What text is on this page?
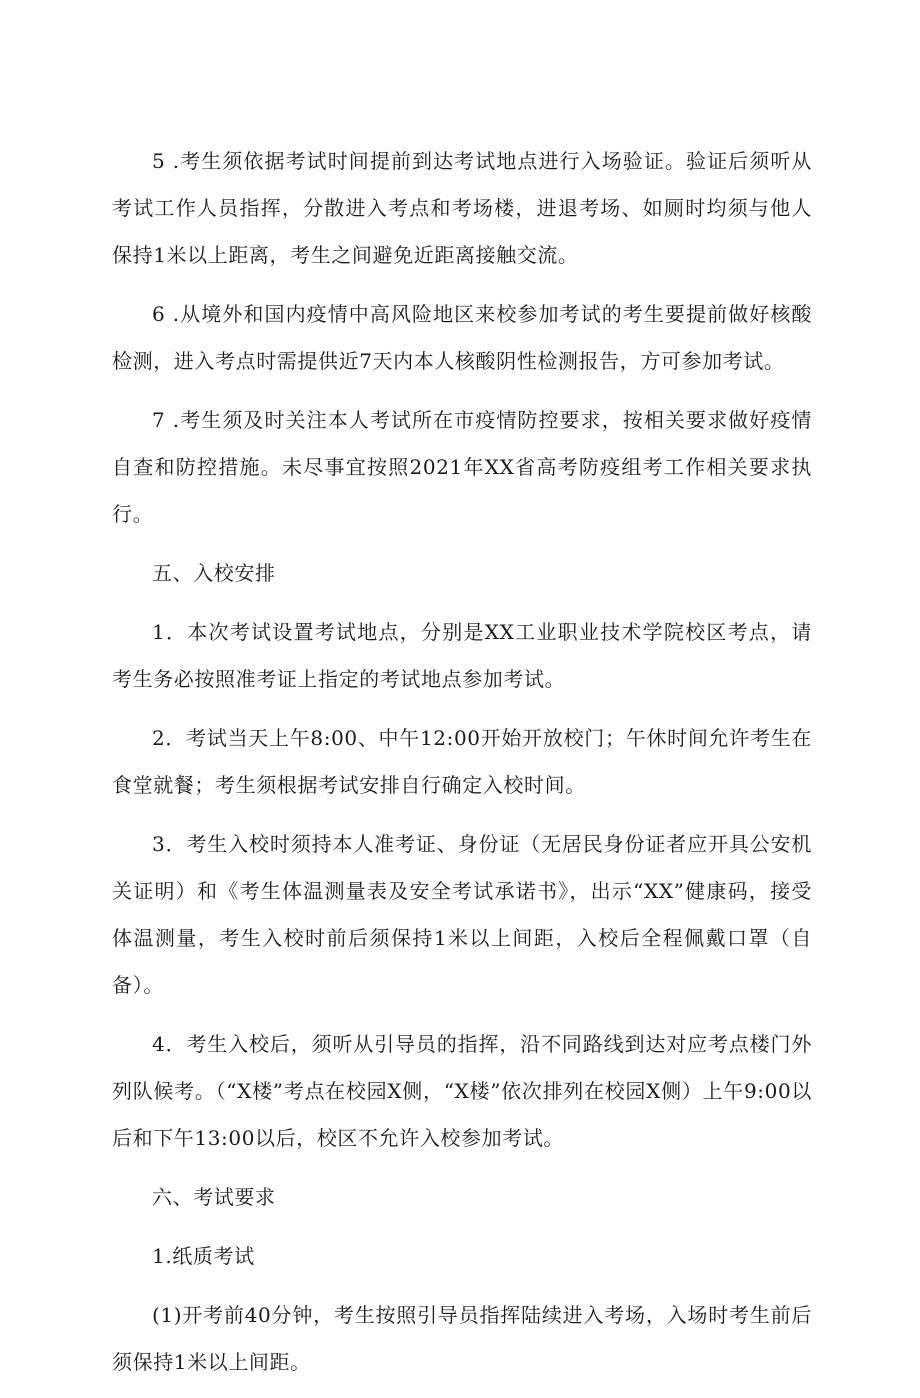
5 .考生须依据考试时间提前到达考试地点进行入场验证。验证后须听从考试工作人员指挥，分散进入考点和考场楼，进退考场、如厕时均须与他人保持1米以上距离，考生之间避免近距离接触交流。

6 .从境外和国内疫情中高风险地区来校参加考试的考生要提前做好核酸检测，进入考点时需提供近7天内本人核酸阴性检测报告，方可参加考试。

7 .考生须及时关注本人考试所在市疫情防控要求，按相关要求做好疫情自查和防控措施。未尽事宜按照2021年XX省高考防疫组考工作相关要求执行。

五、入校安排

1．本次考试设置考试地点，分别是XX工业职业技术学院校区考点，请考生务必按照准考证上指定的考试地点参加考试。

2．考试当天上午8:00、中午12:00开始开放校门；午休时间允许考生在食堂就餐；考生须根据考试安排自行确定入校时间。

3．考生入校时须持本人准考证、身份证（无居民身份证者应开具公安机关证明）和《考生体温测量表及安全考试承诺书》，出示“XX”健康码，接受体温测量，考生入校时前后须保持1米以上间距，入校后全程佩戴口罩（自备）。

4．考生入校后，须听从引导员的指挥，沿不同路线到达对应考点楼门外列队候考。（“X楼”考点在校园X侧，“X楼”依次排列在校园X侧）上午9:00以后和下午13:00以后，校区不允许入校参加考试。

六、考试要求

1.纸质考试

(1)开考前40分钟，考生按照引导员指挥陆续进入考场，入场时考生前后须保持1米以上间距。
